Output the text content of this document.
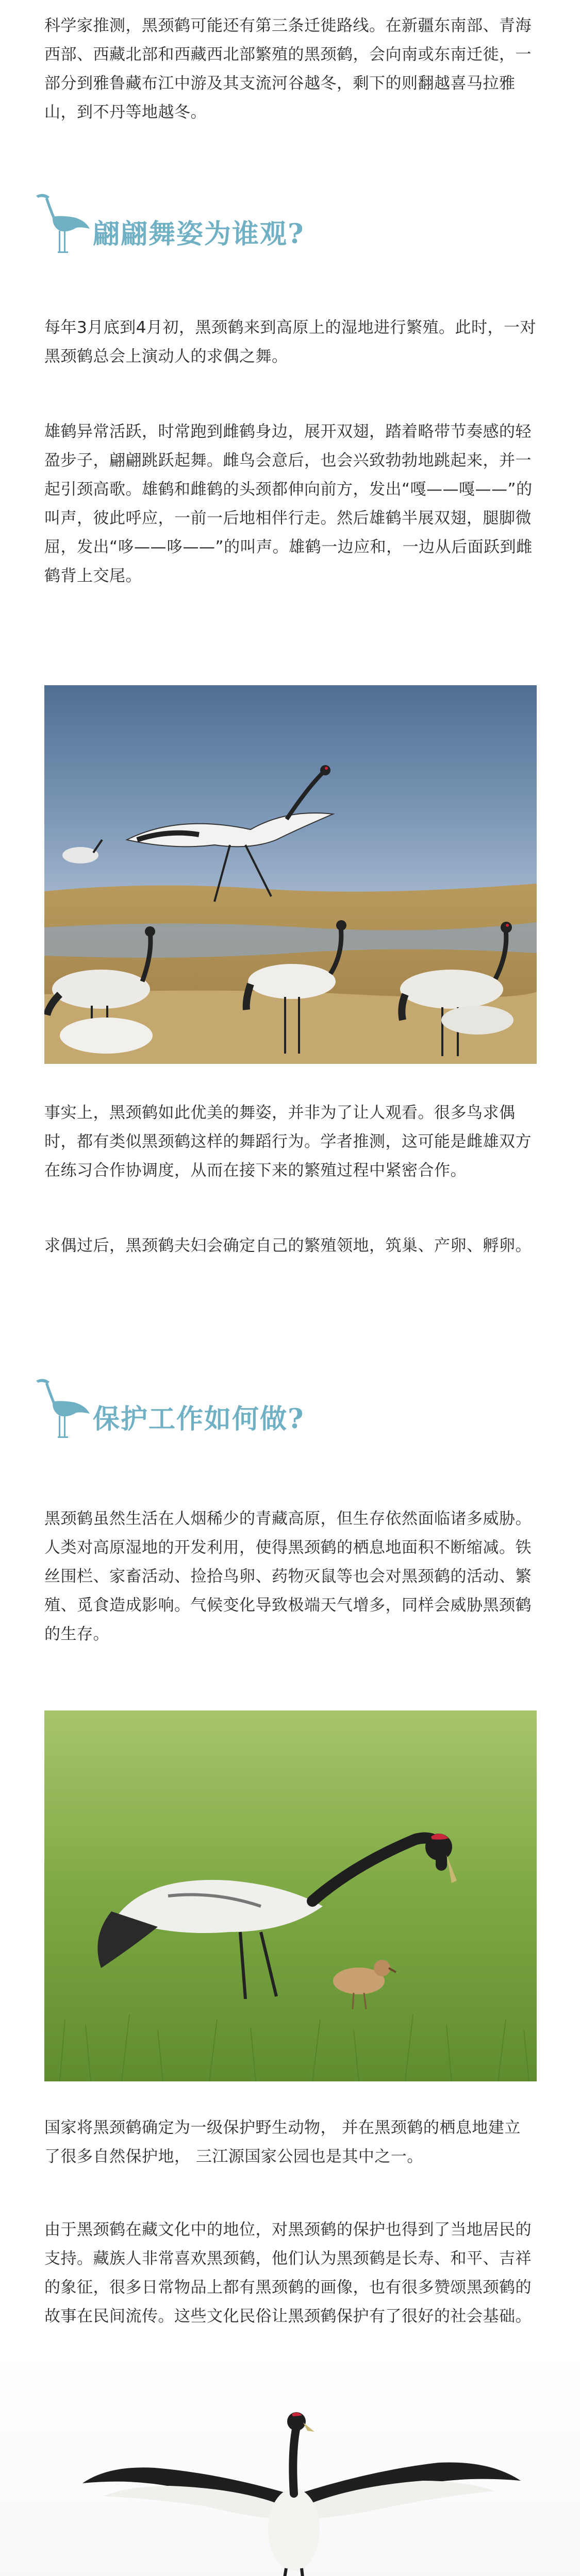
科学家推测，黑颈鹤可能还有第三条迁徙路线。在新疆东南部、青海西部、西藏北部和西藏西北部繁殖的黑颈鹤，会向南或东南迁徙，一部分到雅鲁藏布江中游及其支流河谷越冬，剩下的则翻越喜马拉雅山，到不丹等地越冬。

翩翩舞姿为谁观?

每年3月底到4月初，黑颈鹤来到高原上的湿地进行繁殖。此时，一对黑颈鹤总会上演动人的求偶之舞。

雄鹤异常活跃，时常跑到雌鹤身边，展开双翅，踏着略带节奏感的轻盈步子，翩翩跳跃起舞。雌鸟会意后，也会兴致勃勃地跳起来，并一起引颈高歌。雄鹤和雌鹤的头颈都伸向前方，发出“嘎——嘎——”的叫声，彼此呼应，一前一后地相伴行走。然后雄鹤半展双翅，腿脚微屈，发出“哆——哆——”的叫声。雄鹤一边应和，一边从后面跃到雌鹤背上交尾。

事实上，黑颈鹤如此优美的舞姿，并非为了让人观看。很多鸟求偶时，都有类似黑颈鹤这样的舞蹈行为。学者推测，这可能是雌雄双方在练习合作协调度，从而在接下来的繁殖过程中紧密合作。

求偶过后，黑颈鹤夫妇会确定自己的繁殖领地，筑巢、产卵、孵卵。

保护工作如何做?

黑颈鹤虽然生活在人烟稀少的青藏高原，但生存依然面临诸多威胁。人类对高原湿地的开发利用，使得黑颈鹤的栖息地面积不断缩减。铁丝围栏、家畜活动、捡拾鸟卵、药物灭鼠等也会对黑颈鹤的活动、繁殖、觅食造成影响。气候变化导致极端天气增多，同样会威胁黑颈鹤的生存。

国家将黑颈鹤确定为一级保护野生动物， 并在黑颈鹤的栖息地建立了很多自然保护地， 三江源国家公园也是其中之一。

由于黑颈鹤在藏文化中的地位，对黑颈鹤的保护也得到了当地居民的支持。藏族人非常喜欢黑颈鹤，他们认为黑颈鹤是长寿、和平、吉祥的象征，很多日常物品上都有黑颈鹤的画像，也有很多赞颂黑颈鹤的故事在民间流传。这些文化民俗让黑颈鹤保护有了很好的社会基础。
